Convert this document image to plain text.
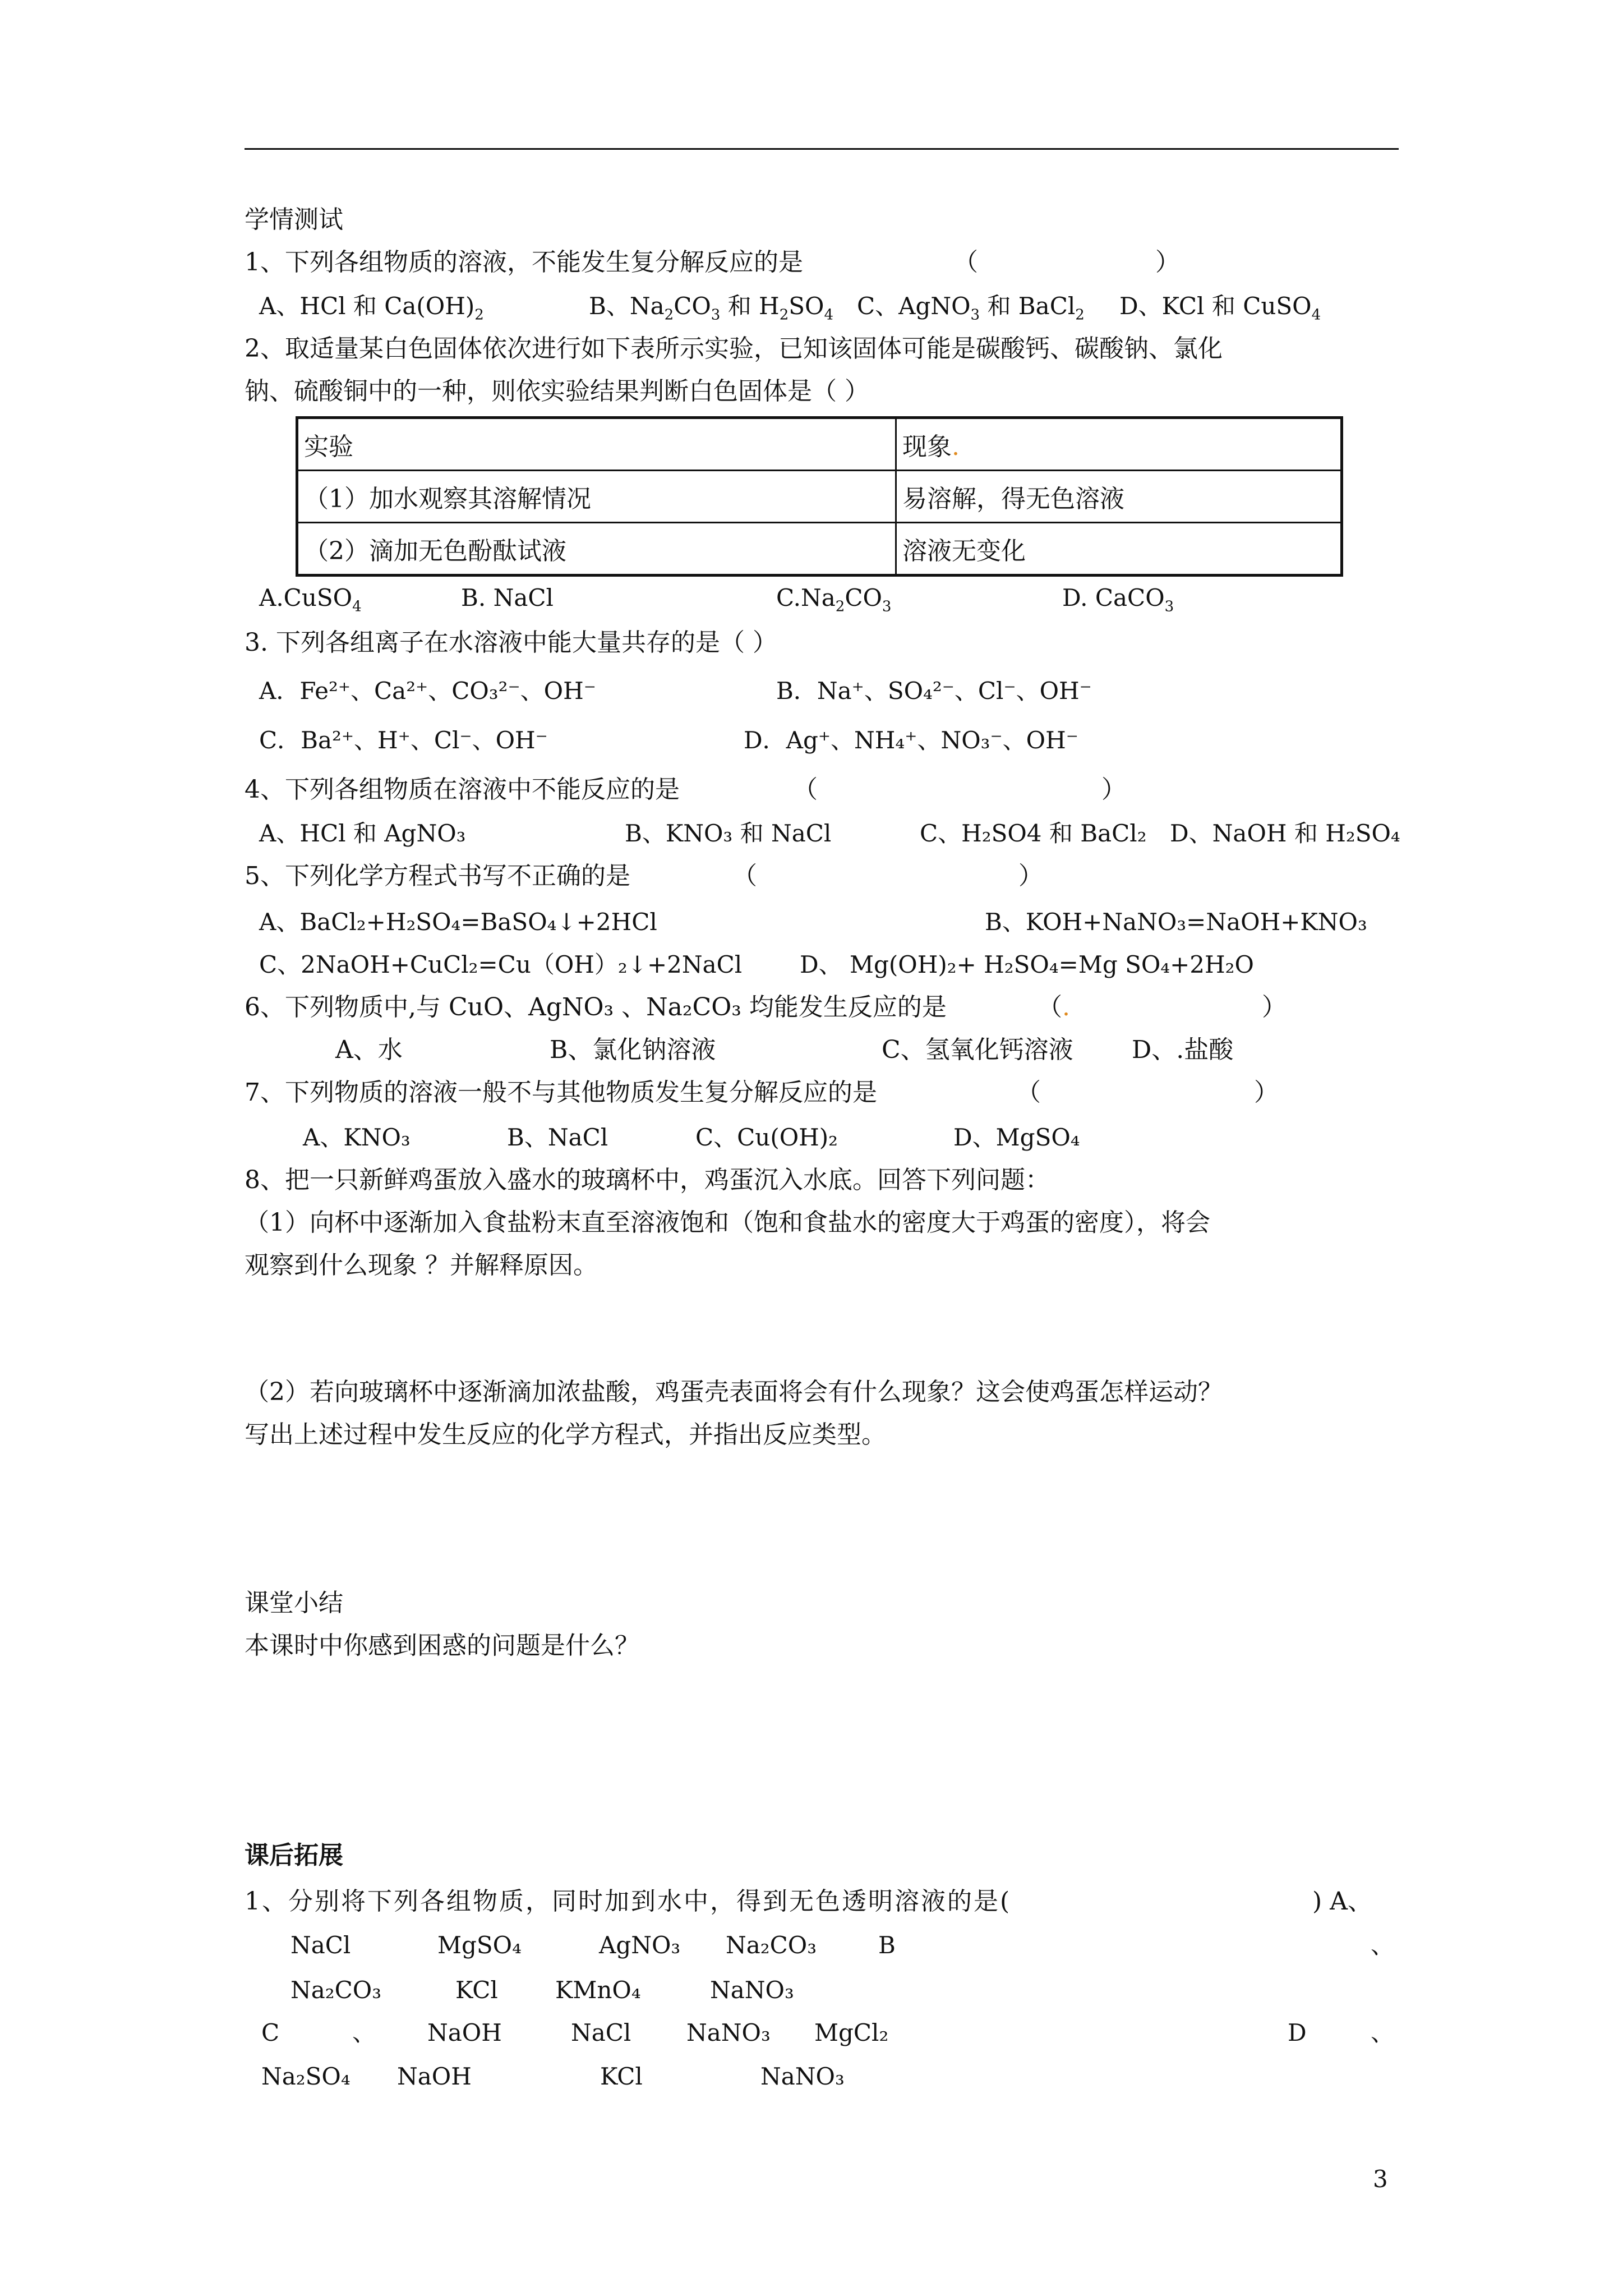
学情测试
1、下列各组物质的溶液，不能发生复分解反应的是	（	）
A、HCl 和 $Ca(OH)_2$	B、$Na_2CO_3$ 和 $H_2SO_4$ C、AgNO$_3$ 和 BaCl$_2$ D、KCl 和 CuSO$_4$
2、取适量某白色固体依次进行如下表所示实验，已知该固体可能是碳酸钙、碳酸钠、氯化
钠、硫酸铜中的一种，则依实验结果判断白色固体是（ ）
实验	现象.
（1）加水观察其溶解情况	易溶解，得无色溶液
（2）滴加无色酚酞试液	溶液无变化
A.CuSO$_4$	B. NaCl	$C.Na_2CO_3$	D. CaCO$_3$
3. 下列各组离子在水溶液中能大量共存的是（ ）
A．Fe²⁺、Ca²⁺、CO₃²⁻、OH⁻	B．Na⁺、SO₄²⁻、Cl⁻、OH⁻
C．Ba²⁺、H⁺、Cl⁻、OH⁻	D．Ag⁺、NH₄⁺、NO₃⁻、OH⁻
4、下列各组物质在溶液中不能反应的是	（	）
A、HCl 和 AgNO₃	B、KNO₃ 和 NaCl	C、H₂SO4 和 BaCl₂ D、NaOH 和 H₂SO₄
5、下列化学方程式书写不正确的是	（	）
A、BaCl₂+H₂SO₄=BaSO₄↓+2HCl	B、KOH+NaNO₃=NaOH+KNO₃
C、2NaOH+CuCl₂=Cu（OH）₂↓+2NaCl D、 Mg(OH)₂+ H₂SO₄=Mg SO₄+2H₂O
6、下列物质中,与 CuO、AgNO₃ 、Na₂CO₃ 均能发生反应的是	（.	）
A、水	B、氯化钠溶液	C、氢氧化钙溶液 D、.盐酸
7、下列物质的溶液一般不与其他物质发生复分解反应的是	（	）
A、KNO₃	B、NaCl	C、Cu(OH)₂	D、MgSO₄
8、把一只新鲜鸡蛋放入盛水的玻璃杯中，鸡蛋沉入水底。回答下列问题：
（1）向杯中逐渐加入食盐粉末直至溶液饱和（饱和食盐水的密度大于鸡蛋的密度），将会
观察到什么现象 ？并解释原因。
（2）若向玻璃杯中逐渐滴加浓盐酸，鸡蛋壳表面将会有什么现象？这会使鸡蛋怎样运动？
写出上述过程中发生反应的化学方程式，并指出反应类型。
课堂小结
本课时中你感到困惑的问题是什么？
课后拓展
1、分别将下列各组物质，同时加到水中，得到无色透明溶液的是(	) A、
NaCl	MgSO₄	AgNO₃ Na₂CO₃	B	、
Na₂CO₃	KCl KMnO₄	NaNO₃
C	、 NaOH	NaCl NaNO₃ MgCl₂	D	、
Na₂SO₄ NaOH	KCl	NaNO₃
3
